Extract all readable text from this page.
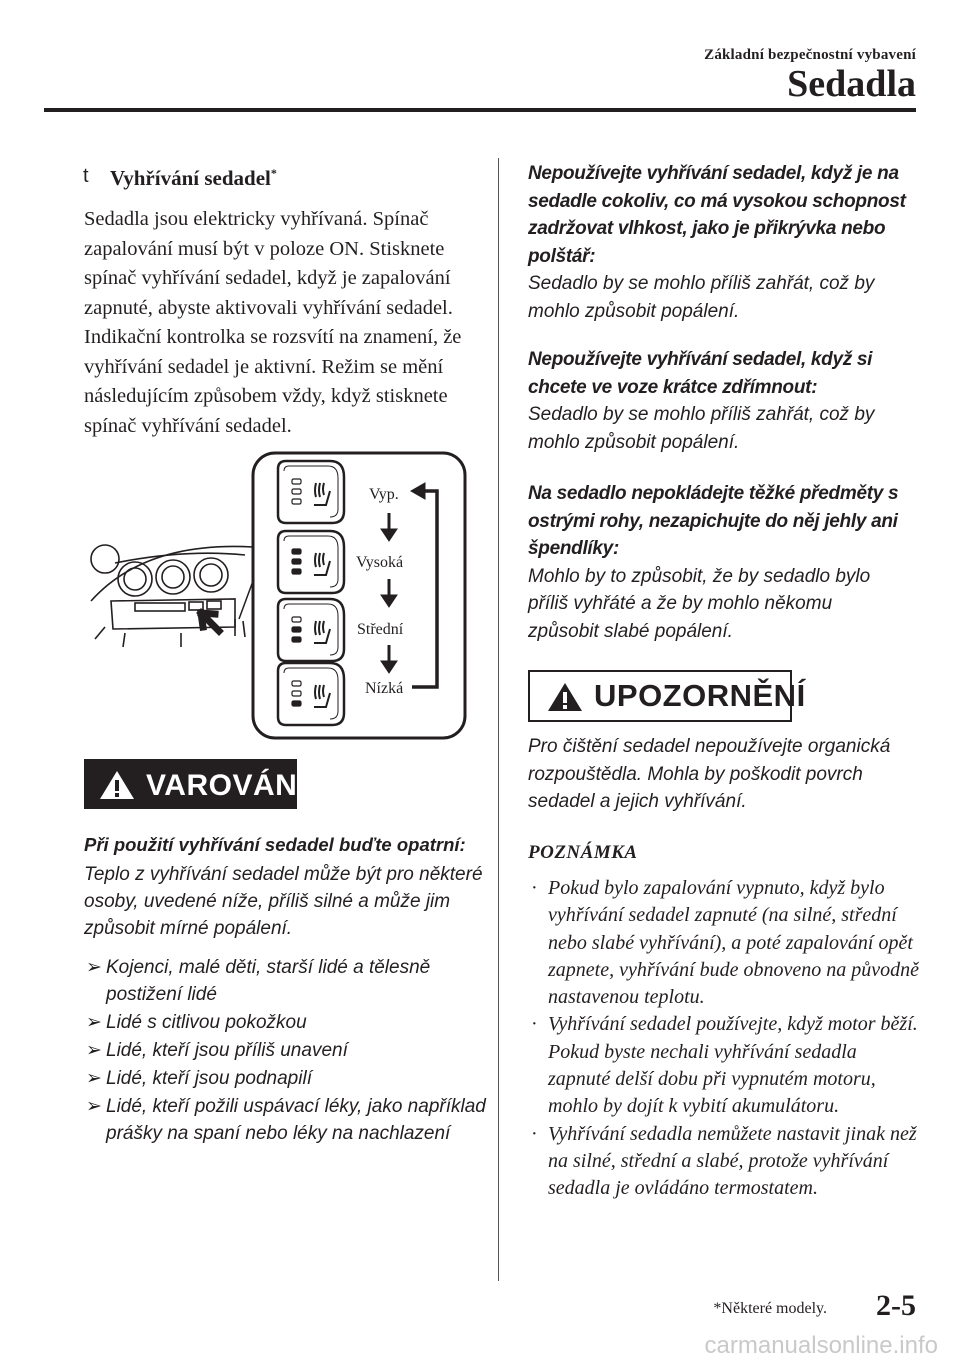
Základní bezpečnostní vybavení
Sedadla
t Vyhřívání sedadel*
Sedadla jsou elektricky vyhřívaná. Spínač zapalování musí být v poloze ON. Stisknete spínač vyhřívání sedadel, když je zapalování zapnuté, abyste aktivovali vyhřívání sedadel. Indikační kontrolka se rozsvítí na znamení, že vyhřívání sedadel je aktivní. Režim se mění následujícím způsobem vždy, když stisknete spínač vyhřívání sedadel.
Vyp.
Vysoká
Střední
Nízká
VAROVÁNÍ
Při použití vyhřívání sedadel buďte opatrní:
Teplo z vyhřívání sedadel může být pro některé osoby, uvedené níže, příliš silné a může jim způsobit mírné popálení.
➢ Kojenci, malé děti, starší lidé a tělesně postižení lidé
➢ Lidé s citlivou pokožkou
➢ Lidé, kteří jsou příliš unavení
➢ Lidé, kteří jsou podnapilí
➢ Lidé, kteří požili uspávací léky, jako například prášky na spaní nebo léky na nachlazení
Nepoužívejte vyhřívání sedadel, když je na sedadle cokoliv, co má vysokou schopnost zadržovat vlhkost, jako je přikrývka nebo polštář:
Sedadlo by se mohlo příliš zahřát, což by mohlo způsobit popálení.
Nepoužívejte vyhřívání sedadel, když si chcete ve voze krátce zdřímnout:
Sedadlo by se mohlo příliš zahřát, což by mohlo způsobit popálení.
Na sedadlo nepokládejte těžké předměty s ostrými rohy, nezapichujte do něj jehly ani špendlíky:
Mohlo by to způsobit, že by sedadlo bylo příliš vyhřáté a že by mohlo někomu způsobit slabé popálení.
UPOZORNĚNÍ
Pro čištění sedadel nepoužívejte organická rozpouštědla. Mohla by poškodit povrch sedadel a jejich vyhřívání.
POZNÁMKA
· Pokud bylo zapalování vypnuto, když bylo vyhřívání sedadel zapnuté (na silné, střední nebo slabé vyhřívání), a poté zapalování opět zapnete, vyhřívání bude obnoveno na původně nastavenou teplotu.
· Vyhřívání sedadel používejte, když motor běží. Pokud byste nechali vyhřívání sedadla zapnuté delší dobu při vypnutém motoru, mohlo by dojít k vybití akumulátoru.
· Vyhřívání sedadla nemůžete nastavit jinak než na silné, střední a slabé, protože vyhřívání sedadla je ovládáno termostatem.
*Některé modely. 2-5
carmanualsonline.info
